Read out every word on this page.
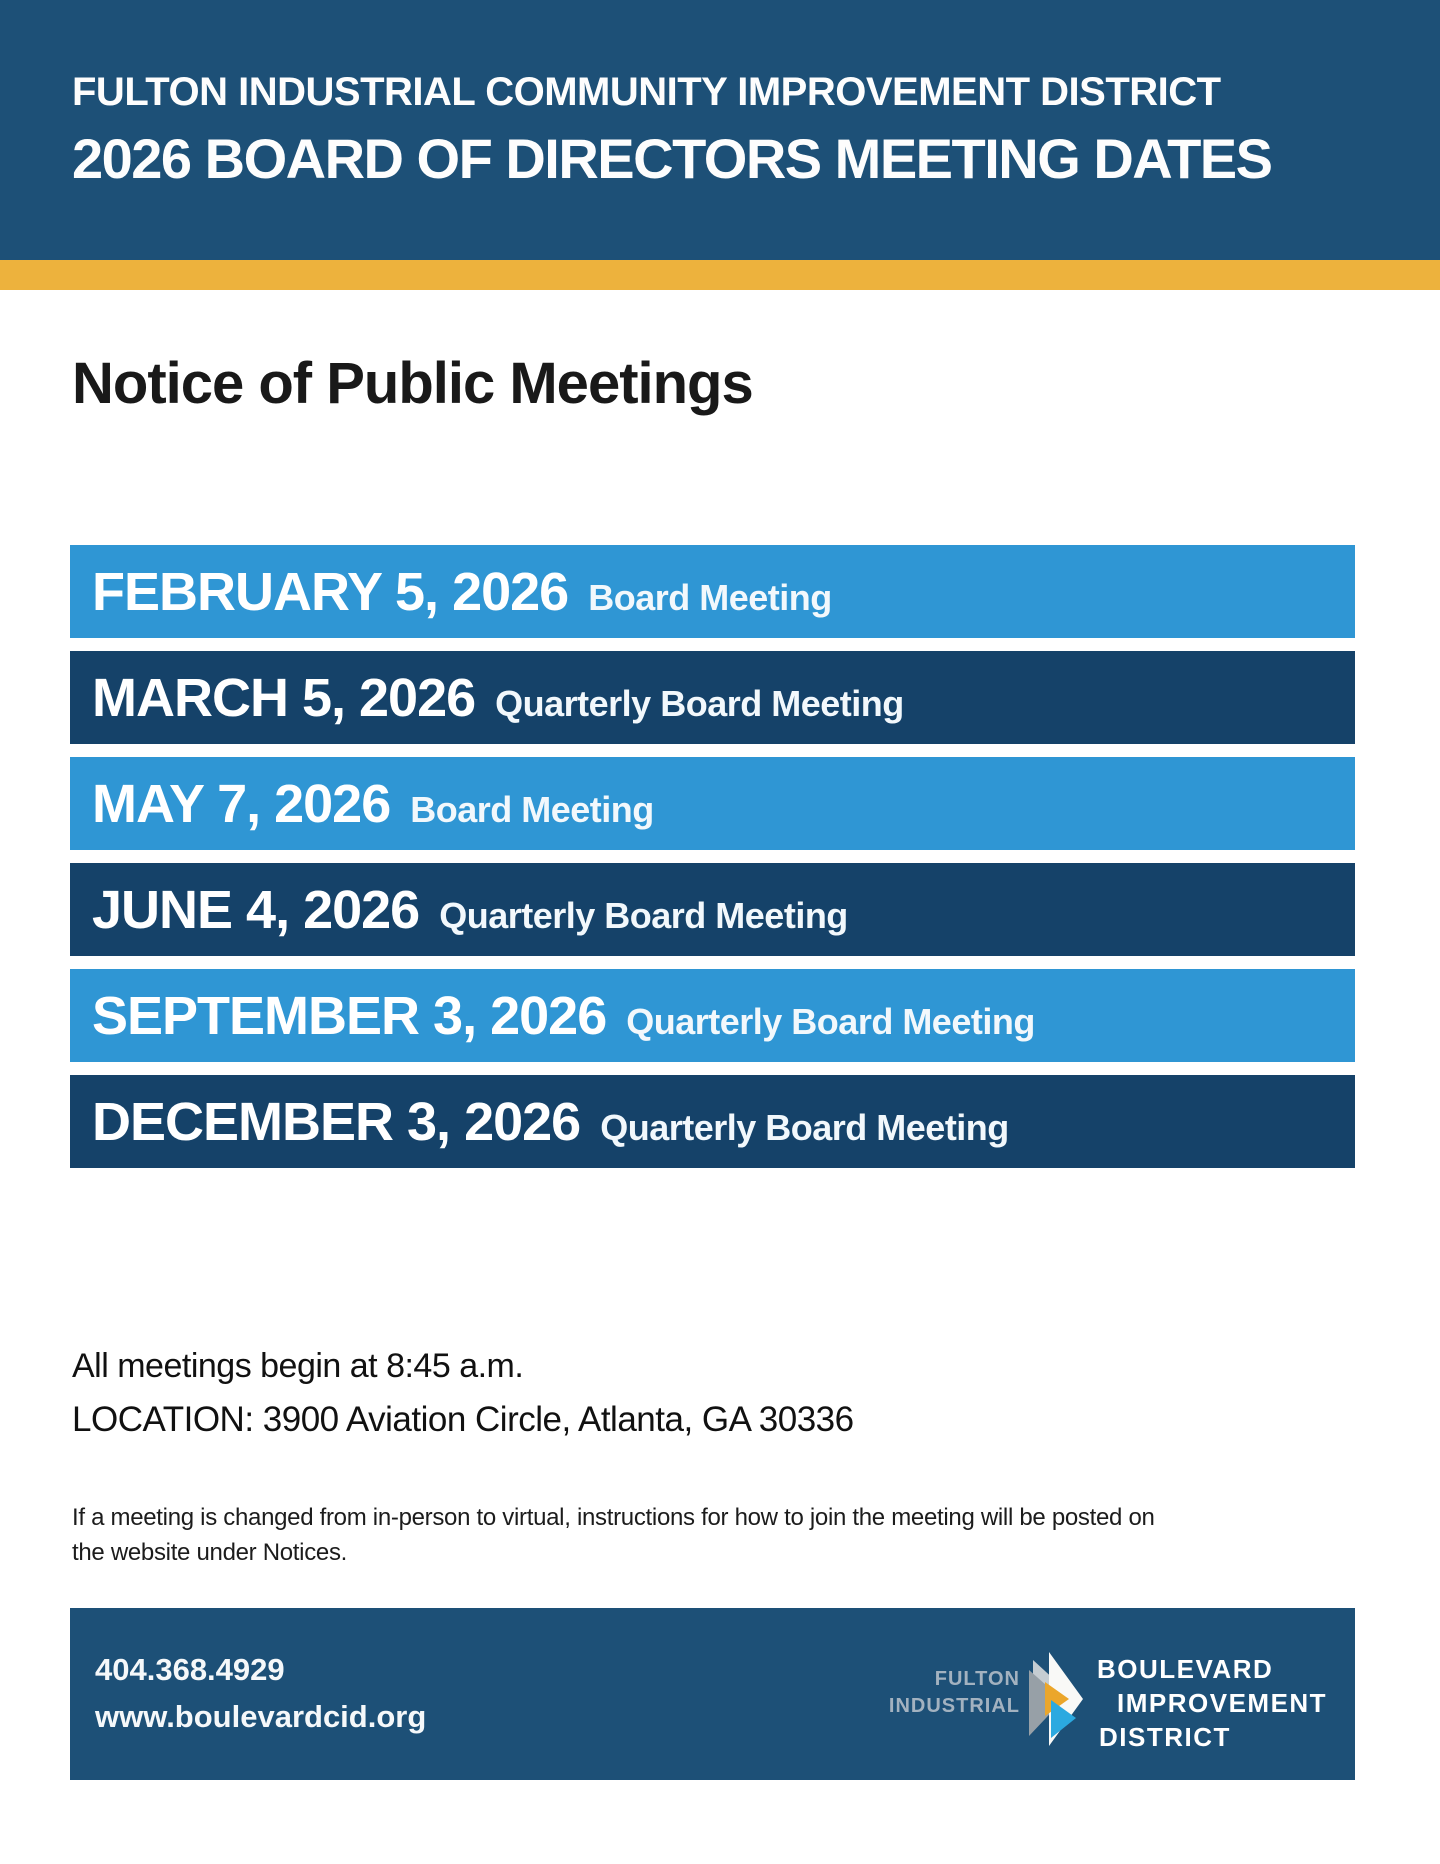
FULTON INDUSTRIAL COMMUNITY IMPROVEMENT DISTRICT
2026 BOARD OF DIRECTORS MEETING DATES
Notice of Public Meetings
FEBRUARY 5, 2026 Board Meeting
MARCH 5, 2026 Quarterly Board Meeting
MAY 7, 2026 Board Meeting
JUNE 4, 2026 Quarterly Board Meeting
SEPTEMBER 3, 2026 Quarterly Board Meeting
DECEMBER 3, 2026 Quarterly Board Meeting
All meetings begin at 8:45 a.m.
LOCATION: 3900 Aviation Circle, Atlanta, GA 30336
If a meeting is changed from in-person to virtual, instructions for how to join the meeting will be posted on
the website under Notices.
404.368.4929
www.boulevardcid.org
FULTON
INDUSTRIAL
BOULEVARD
IMPROVEMENT
DISTRICT
